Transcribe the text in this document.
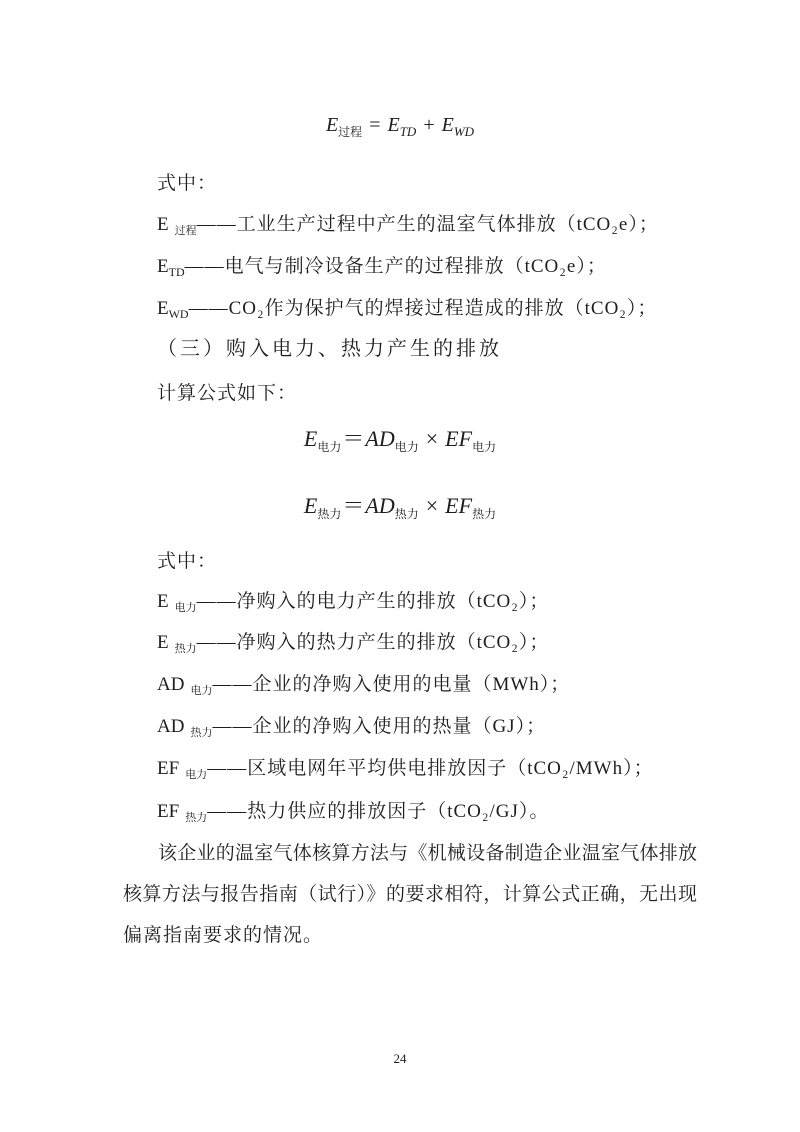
$E_{过程} = E_{TD} + E_{WD}$
式中：
E $_{过程}$——工业生产过程中产生的温室气体排放（tCO₂e）；
$E_{TD}——$电气与制冷设备生产的过程排放（tCO₂e）；
$E_{WD}——CO_2$作为保护气的焊接过程造成的排放（tCO₂）；
（三）购入电力、热力产生的排放
计算公式如下：
$E_{电力}=AD_{电力} \times EF_{电力}$
$E_{热力}=AD_{热力} \times EF_{热力}$
式中：
E $_{电力}$——净购入的电力产生的排放（tCO₂）；
E $_{热力}$——净购入的热力产生的排放（tCO₂）；
AD $_{电力}$——企业的净购入使用的电量（MWh）；
AD $_{热力}$——企业的净购入使用的热量（GJ）；
EF $_{电力}$——区域电网年平均供电排放因子（tCO₂/MWh）；
EF $_{热力}$——热力供应的排放因子（tCO₂/GJ）。
该企业的温室气体核算方法与《机械设备制造企业温室气体排放
核算方法与报告指南（试行）》的要求相符，计算公式正确，无出现
偏离指南要求的情况。
24
